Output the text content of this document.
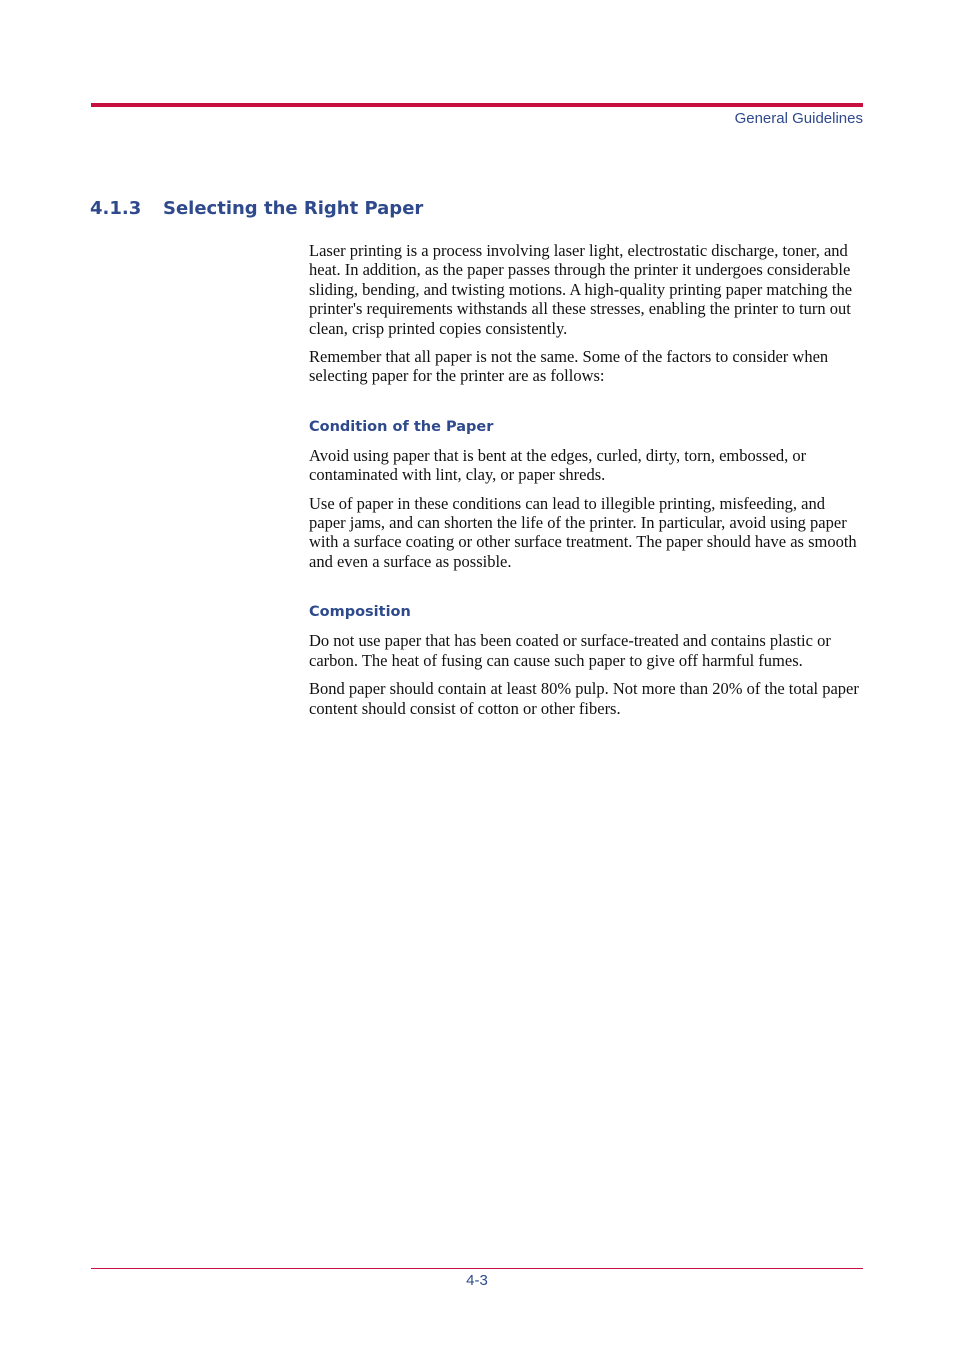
General Guidelines
4.1.3 Selecting the Right Paper

Laser printing is a process involving laser light, electrostatic discharge, toner, and heat. In addition, as the paper passes through the printer it undergoes considerable sliding, bending, and twisting motions. A high-quality printing paper matching the printer's requirements withstands all these stresses, enabling the printer to turn out clean, crisp printed copies consistently.

Remember that all paper is not the same. Some of the factors to consider when selecting paper for the printer are as follows:

Condition of the Paper

Avoid using paper that is bent at the edges, curled, dirty, torn, embossed, or contaminated with lint, clay, or paper shreds.

Use of paper in these conditions can lead to illegible printing, misfeeding, and paper jams, and can shorten the life of the printer. In particular, avoid using paper with a surface coating or other surface treatment. The paper should have as smooth and even a surface as possible.

Composition

Do not use paper that has been coated or surface-treated and contains plastic or carbon. The heat of fusing can cause such paper to give off harmful fumes.

Bond paper should contain at least 80% pulp. Not more than 20% of the total paper content should consist of cotton or other fibers.

4-3
